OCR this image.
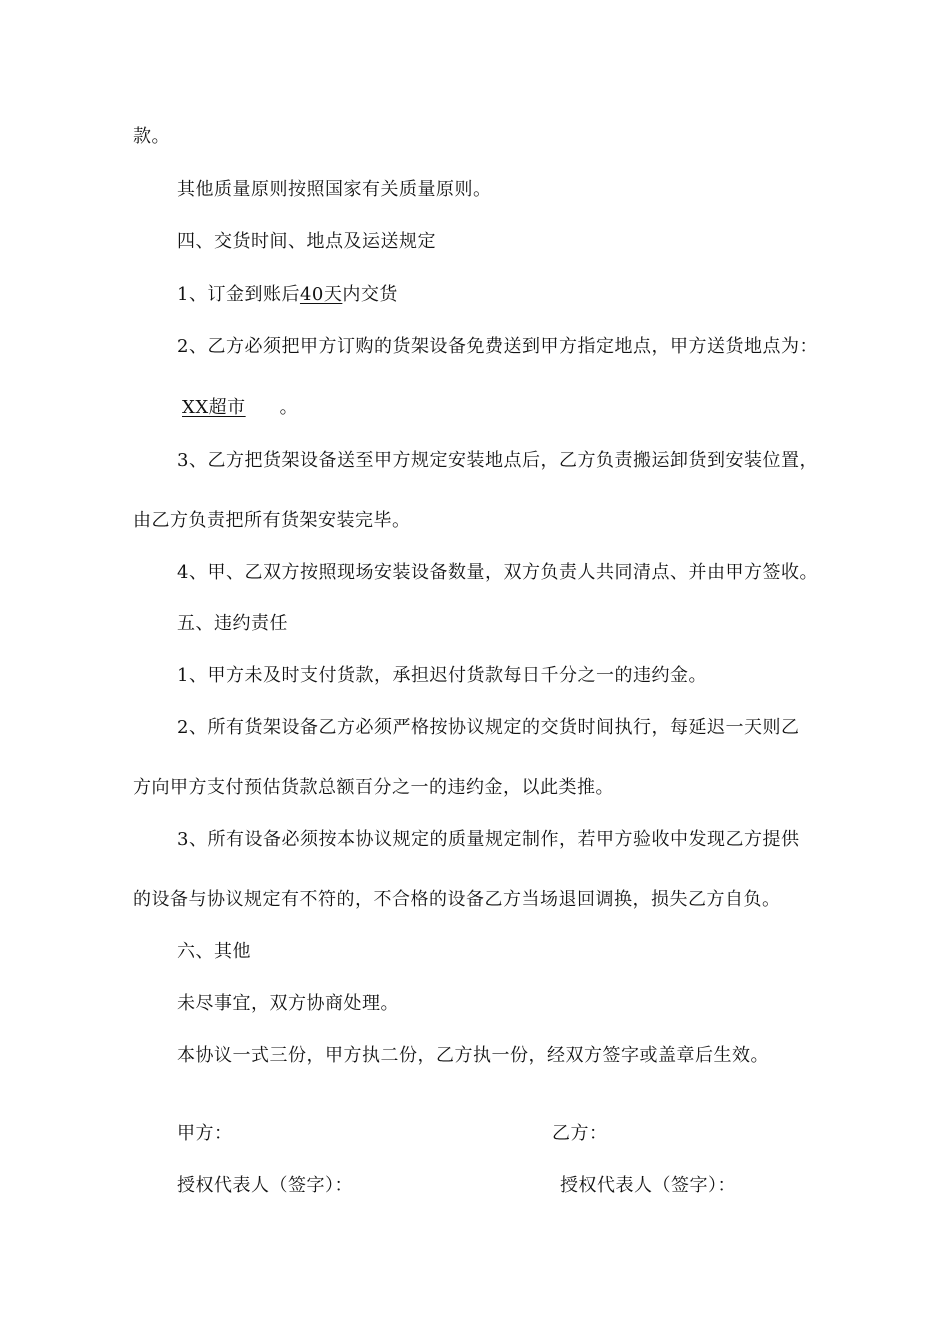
款。
其他质量原则按照国家有关质量原则。
四、交货时间、地点及运送规定
1、订金到账后40天内交货
2、乙方必须把甲方订购的货架设备免费送到甲方指定地点，甲方送货地点为：
XX超市 。
3、乙方把货架设备送至甲方规定安装地点后，乙方负责搬运卸货到安装位置，
由乙方负责把所有货架安装完毕。
4、甲、乙双方按照现场安装设备数量，双方负责人共同清点、并由甲方签收。
五、违约责任
1、甲方未及时支付货款，承担迟付货款每日千分之一的违约金。
2、所有货架设备乙方必须严格按协议规定的交货时间执行，每延迟一天则乙
方向甲方支付预估货款总额百分之一的违约金，以此类推。
3、所有设备必须按本协议规定的质量规定制作，若甲方验收中发现乙方提供
的设备与协议规定有不符的，不合格的设备乙方当场退回调换，损失乙方自负。
六、其他
未尽事宜，双方协商处理。
本协议一式三份，甲方执二份，乙方执一份，经双方签字或盖章后生效。
甲方：	乙方：
授权代表人（签字）：	授权代表人（签字）：
